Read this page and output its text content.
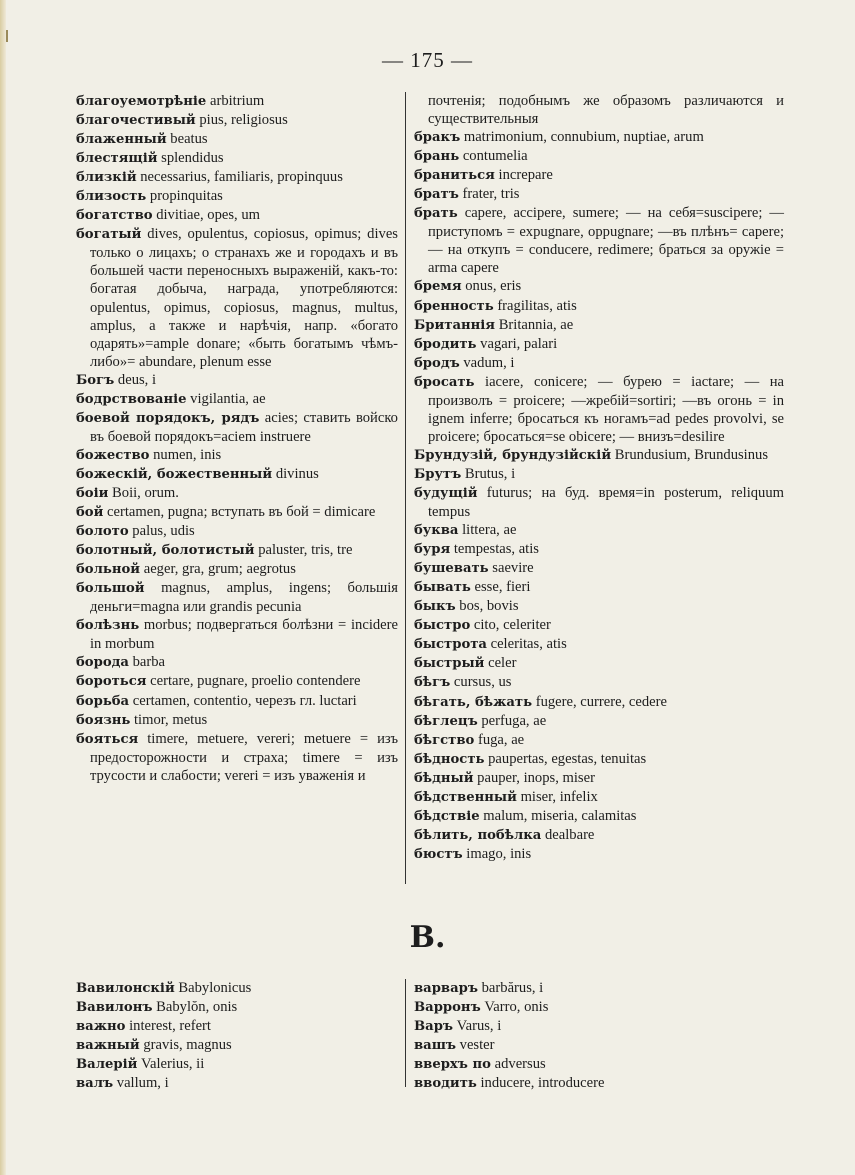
— 175 —

благоуемотрѣніе arbitrium

благочестивый pius, religiosus

блаженный beatus

блестящій splendidus

близкій necessarius, familiaris, propinquus

близость propinquitas

богатство divitiae, opes, um

богатый dives, opulentus, copiosus, opimus; dives только о лицахъ; о странахъ же и городахъ и въ большей части переносныхъ выраженій, какъ-то: богатая добыча, награда, употребляются: opulentus, opimus, copiosus, magnus, multus, amplus, а также и нарѣчія, напр. «богато одарять»=ample donare; «быть богатымъ чѣмъ-либо»= abundare, plenum esse

Богъ deus, i

бодрствованіе vigilantia, ae

боевой порядокъ, рядъ acies; ставить войско въ боевой порядокъ=aciem instruere

божество numen, inis

божескій, божественный divinus

боіи Boii, orum.

бой certamen, pugna; вступать въ бой = dimicare

болото palus, udis

болотный, болотистый paluster, tris, tre

больной aeger, gra, grum; aegrotus

большой magnus, amplus, ingens; большія деньги=magna или grandis pecunia

болѣзнь morbus; подвергаться болѣзни = incidere in morbum

борода barba

бороться certare, pugnare, proelio contendere

борьба certamen, contentio, черезъ гл. luctari

боязнь timor, metus

бояться timere, metuere, vereri; metuere = изъ предосторожности и страха; timere = изъ трусости и слабости; vereri = изъ уваженія и

почтенія; подобнымъ же образомъ различаются и существительныя

бракъ matrimonium, connubium, nuptiae, arum

брань contumelia

браниться increpare

братъ frater, tris

брать capere, accipere, sumere; — на себя=suscipere; — приступомъ = expugnare, oppugnare; —въ плѣнъ= capere; — на откупъ = conducere, redimere; браться за оружіе = arma capere

бремя onus, eris

бренность fragilitas, atis

Британнія Britannia, ae

бродить vagari, palari

бродъ vadum, i

бросать iacere, conicere; — бурею = iactare; — на произволъ = proicere; —жребій=sortiri; —въ огонь = in ignem inferre; бросаться къ ногамъ=ad pedes provolvi, se proicere; бросаться=se obicere; — внизъ=desilire

Брундузій, брундузійскій Brundusium, Brundusinus

Брутъ Brutus, i

будущій futurus; на буд. время=in posterum, reliquum tempus

буква littera, ae

буря tempestas, atis

бушевать saevire

бывать esse, fieri

быкъ bos, bovis

быстро cito, celeriter

быстрота celeritas, atis

быстрый celer

бѣгъ cursus, us

бѣгать, бѣжать fugere, currere, cedere

бѣглецъ perfuga, ae

бѣгство fuga, ae

бѣдность paupertas, egestas, tenuitas

бѣдный pauper, inops, miser

бѣдственный miser, infelix

бѣдствіе malum, miseria, calamitas

бѣлить, побѣлка dealbare

бюстъ imago, inis

В.

Вавилонскій Babylonicus

Вавилонъ Babylŏn, onis

важно interest, refert

важный gravis, magnus

Валерій Valerius, ii

валъ vallum, i

варваръ barbărus, i

Варронъ Varro, onis

Варъ Varus, i

вашъ vester

вверхъ по adversus

вводить inducere, introducere
